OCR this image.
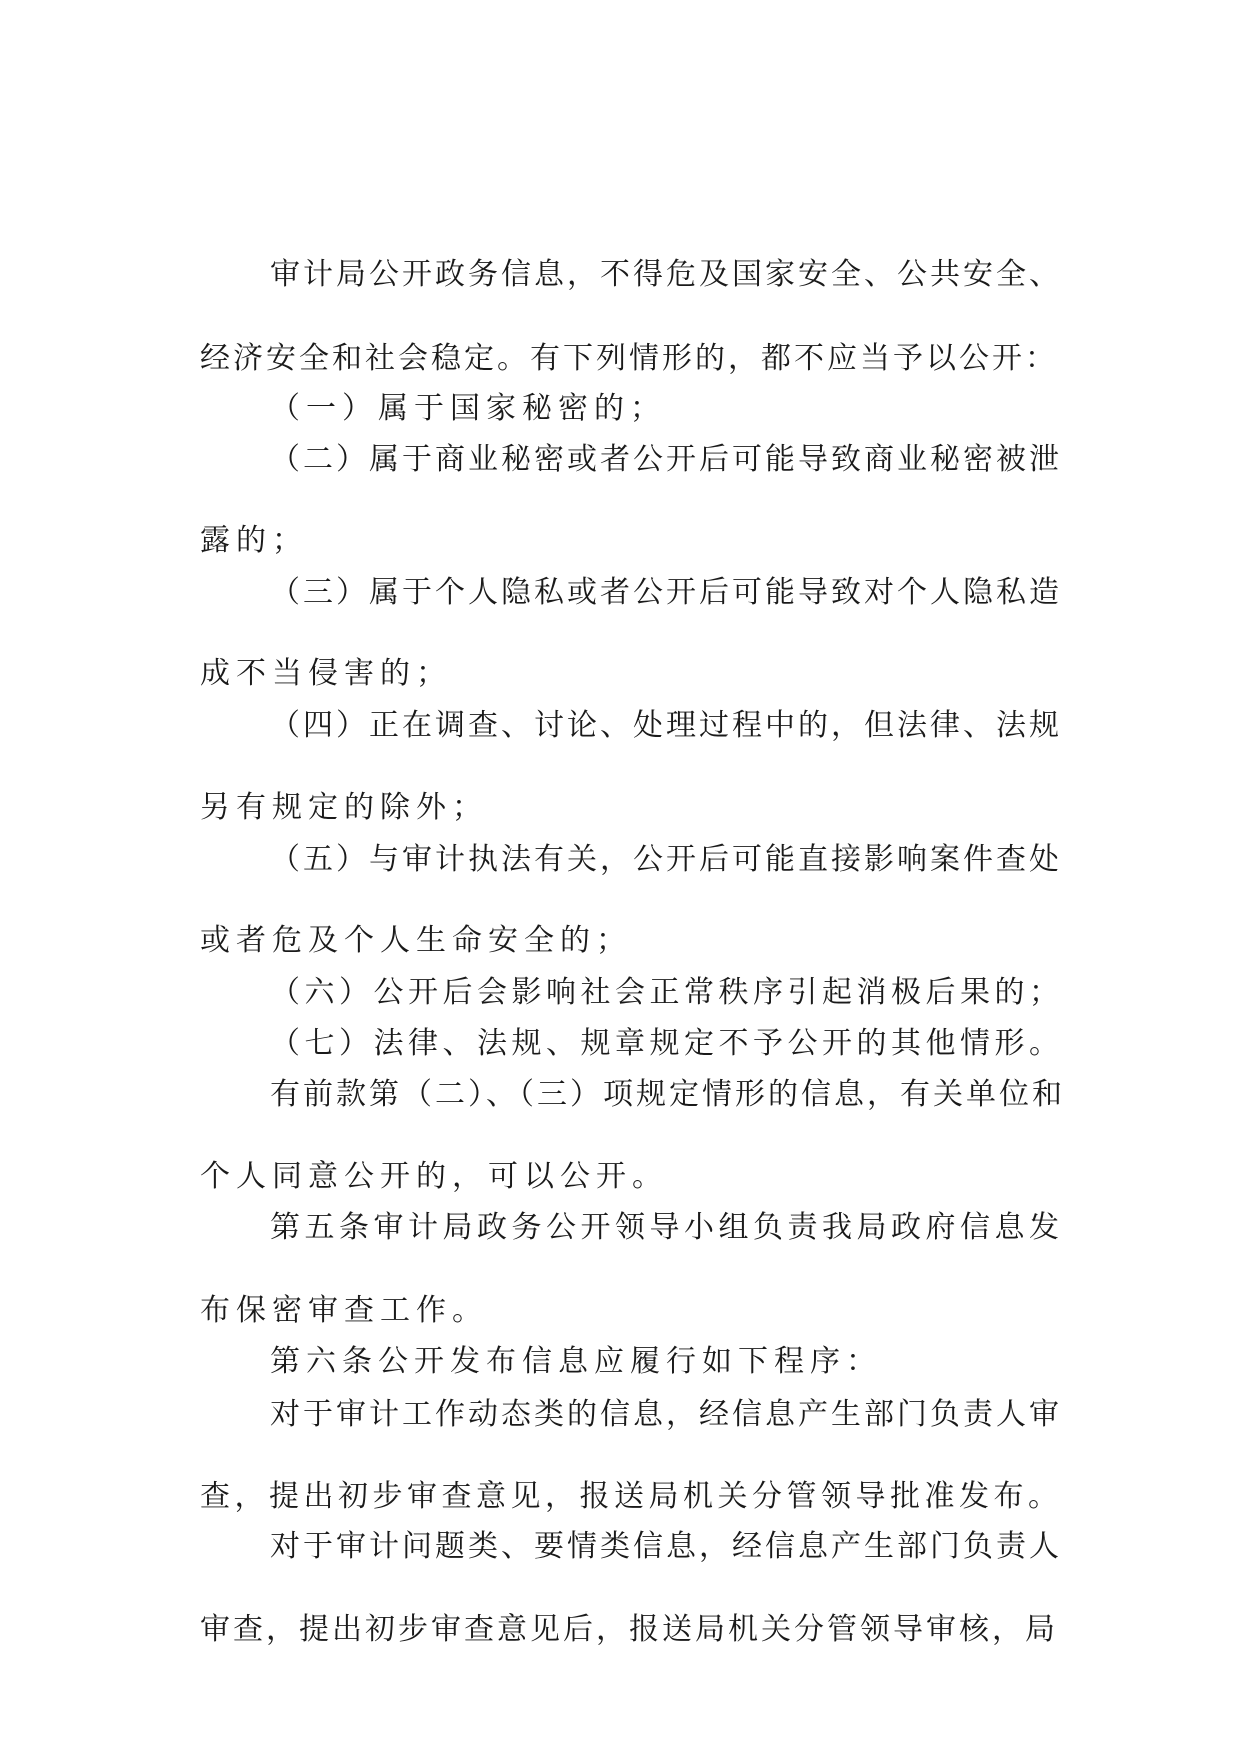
审计局公开政务信息，不得危及国家安全、公共安全、
经济安全和社会稳定。有下列情形的，都不应当予以公开：
（一）属于国家秘密的；
（二）属于商业秘密或者公开后可能导致商业秘密被泄
露的；
（三）属于个人隐私或者公开后可能导致对个人隐私造
成不当侵害的；
（四）正在调查、讨论、处理过程中的，但法律、法规
另有规定的除外；
（五）与审计执法有关，公开后可能直接影响案件查处
或者危及个人生命安全的；
（六）公开后会影响社会正常秩序引起消极后果的；
（七）法律、法规、规章规定不予公开的其他情形。
有前款第（二）、（三）项规定情形的信息，有关单位和
个人同意公开的，可以公开。
第五条审计局政务公开领导小组负责我局政府信息发
布保密审查工作。
第六条公开发布信息应履行如下程序：
对于审计工作动态类的信息，经信息产生部门负责人审
查，提出初步审查意见，报送局机关分管领导批准发布。
对于审计问题类、要情类信息，经信息产生部门负责人
审查，提出初步审查意见后，报送局机关分管领导审核，局
